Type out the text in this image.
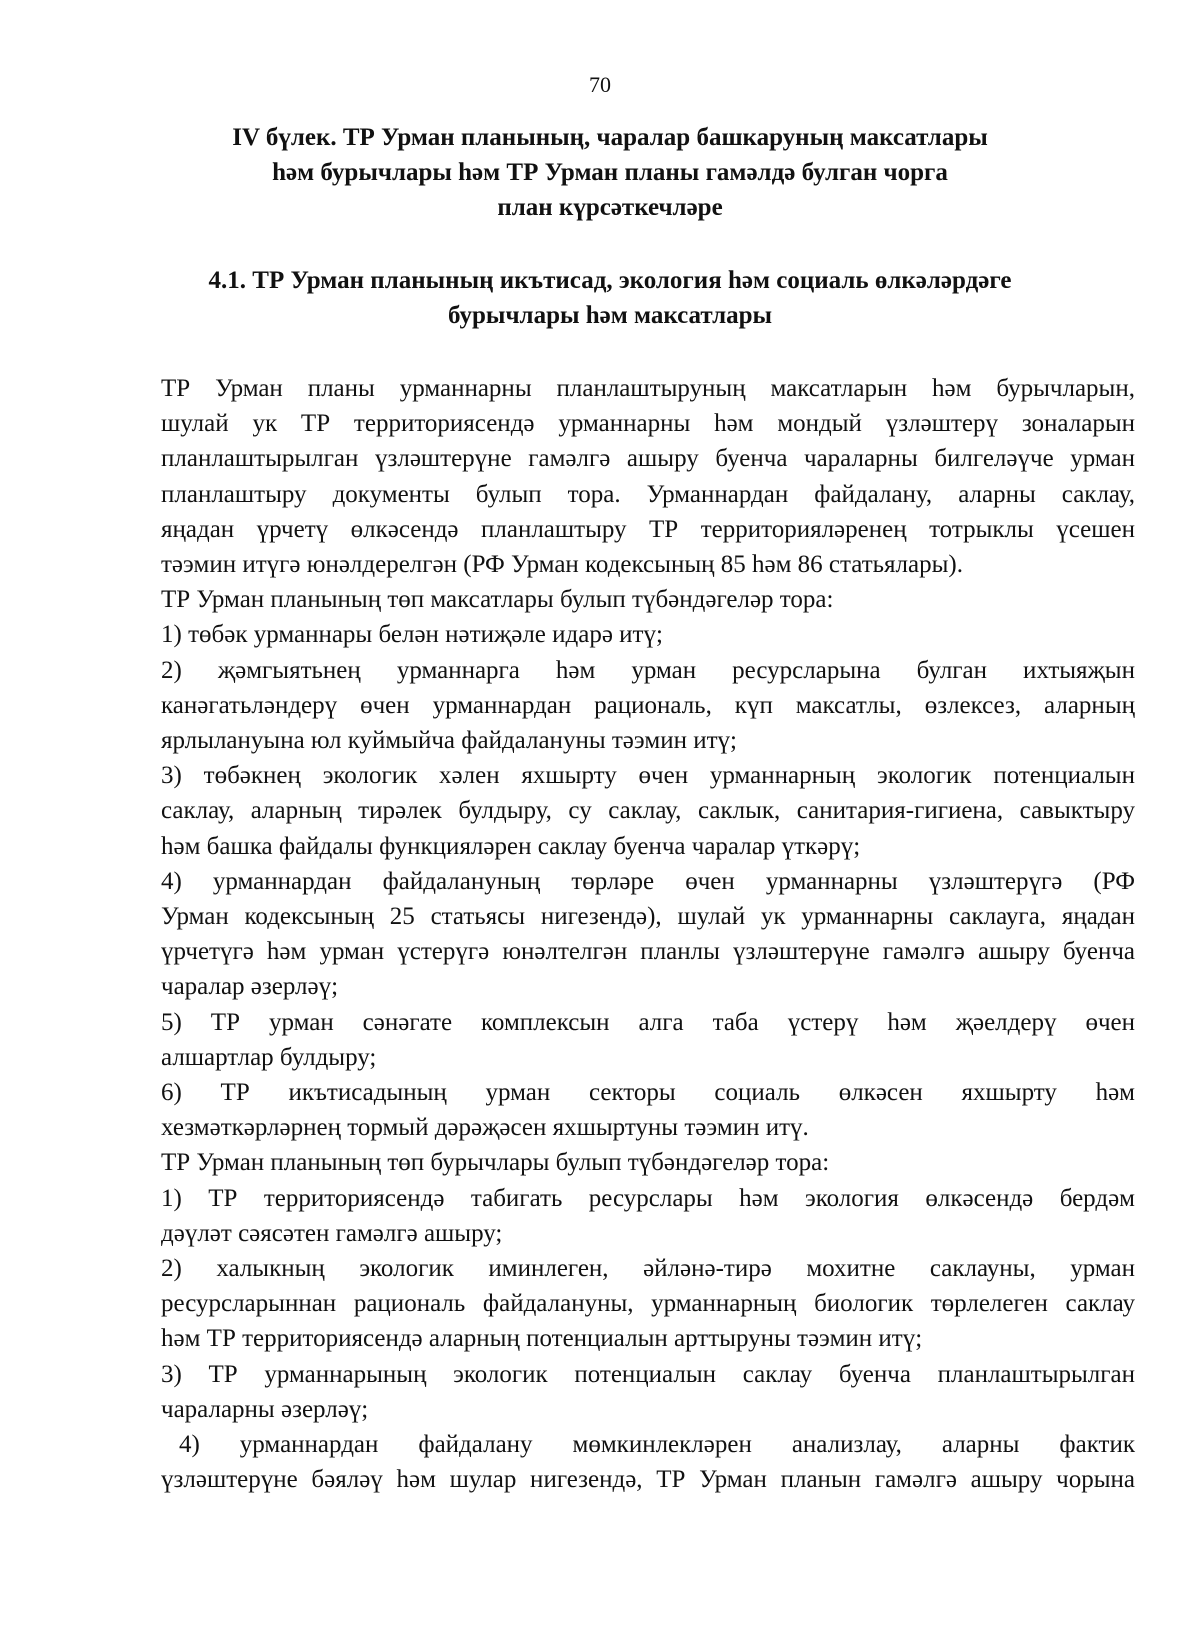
70
IV бүлек. ТР Урман планының, чаралар башкаруның максатлары
һәм бурычлары һәм ТР Урман планы гамәлдә булган чорга
план күрсәткечләре
4.1. ТР Урман планының икътисад, экология һәм социаль өлкәләрдәге
бурычлары һәм максатлары
ТР Урман планы урманнарны планлаштыруның максатларын һәм бурычларын,
шулай ук ТР территориясендә урманнарны һәм мондый үзләштерү зоналарын
планлаштырылган үзләштерүне гамәлгә ашыру буенча чараларны билгеләүче урман
планлаштыру документы булып тора. Урманнардан файдалану, аларны саклау,
яңадан үрчетү өлкәсендә планлаштыру ТР территорияләренең тотрыклы үсешен
тәэмин итүгә юнәлдерелгән (РФ Урман кодексының 85 һәм 86 статьялары).
ТР Урман планының төп максатлары булып түбәндәгеләр тора:
1) төбәк урманнары белән нәтиҗәле идарә итү;
2) җәмгыятьнең урманнарга һәм урман ресурсларына булган ихтыяҗын
канәгатьләндерү өчен урманнардан рациональ, күп максатлы, өзлексез, аларның
ярлылануына юл куймыйча файдалануны тәэмин итү;
3) төбәкнең экологик хәлен яхшырту өчен урманнарның экологик потенциалын
саклау, аларның тирәлек булдыру, су саклау, саклык, санитария-гигиена, савыктыру
һәм башка файдалы функцияләрен саклау буенча чаралар үткәрү;
4) урманнардан файдалануның төрләре өчен урманнарны үзләштерүгә (РФ
Урман кодексының 25 статьясы нигезендә), шулай ук урманнарны саклауга, яңадан
үрчетүгә һәм урман үстерүгә юнәлтелгән планлы үзләштерүне гамәлгә ашыру буенча
чаралар әзерләү;
5) ТР урман сәнәгате комплексын алга таба үстерү һәм җәелдерү өчен
алшартлар булдыру;
6) ТР икътисадының урман секторы социаль өлкәсен яхшырту һәм
хезмәткәрләрнең тормый дәрәҗәсен яхшыртуны тәэмин итү.
ТР Урман планының төп бурычлары булып түбәндәгеләр тора:
1) ТР территориясендә табигать ресурслары һәм экология өлкәсендә бердәм
дәүләт сәясәтен гамәлгә ашыру;
2) халыкның экологик иминлеген, әйләнә-тирә мохитне саклауны, урман
ресурсларыннан рациональ файдалануны, урманнарның биологик төрлелеген саклау
һәм ТР территориясендә аларның потенциалын арттыруны тәэмин итү;
3) ТР урманнарының экологик потенциалын саклау буенча планлаштырылган
чараларны әзерләү;
4) урманнардан файдалану мөмкинлекләрен анализлау, аларны фактик
үзләштерүне бәяләү һәм шулар нигезендә, ТР Урман планын гамәлгә ашыру чорына
